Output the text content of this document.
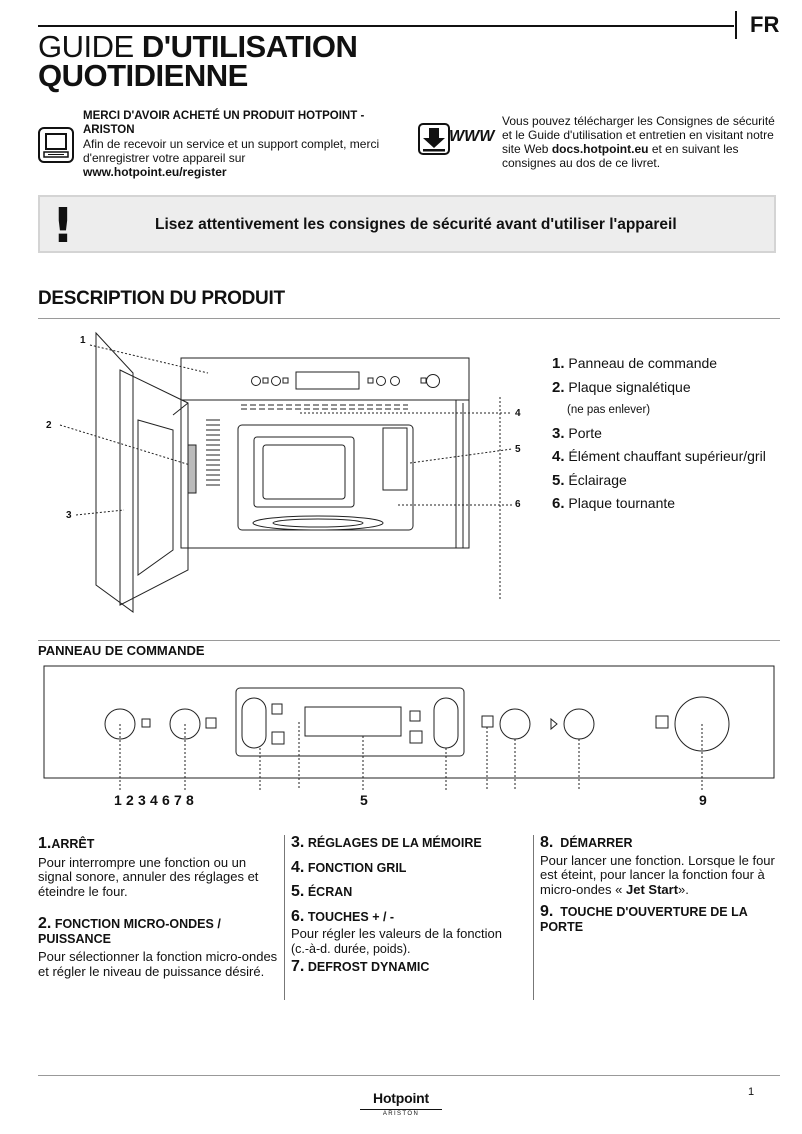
FR
GUIDE D'UTILISATION
QUOTIDIENNE
MERCI D'AVOIR ACHETÉ UN PRODUIT HOTPOINT - ARISTON
Afin de recevoir un service et un support complet, merci d'enregistrer votre appareil sur
www.hotpoint.eu/register
WWW
Vous pouvez télécharger les Consignes de sécurité et le Guide d'utilisation et entretien en visitant notre site Web docs.hotpoint.eu et en suivant les consignes au dos de ce livret.
!	Lisez attentivement les consignes de sécurité avant d'utiliser l'appareil
DESCRIPTION DU PRODUIT
1
2
3
4
5
6
1. Panneau de commande
2. Plaque signalétique
(ne pas enlever)
3. Porte
4. Élément chauffant supérieur/gril
5. Éclairage
6. Plaque tournante
PANNEAU DE COMMANDE
1 2 3 4 6 7 8	5	9
1.ARRÊT

Pour interrompre une fonction ou un signal sonore, annuler des réglages et éteindre le four.

2. FONCTION MICRO-ONDES / PUISSANCE

Pour sélectionner la fonction micro-ondes et régler le niveau de puissance désiré.

3. RÉGLAGES DE LA MÉMOIRE
4. FONCTION GRIL
5. ÉCRAN
6. TOUCHES + / -

Pour régler les valeurs de la fonction

(c.-à-d. durée, poids).

7. DEFROST DYNAMIC
8. DÉMARRER

Pour lancer une fonction. Lorsque le four est éteint, pour lancer la fonction four à micro-ondes « Jet Start».

9. TOUCHE D'OUVERTURE DE LA PORTE
1
Hotpoint
ARISTON
